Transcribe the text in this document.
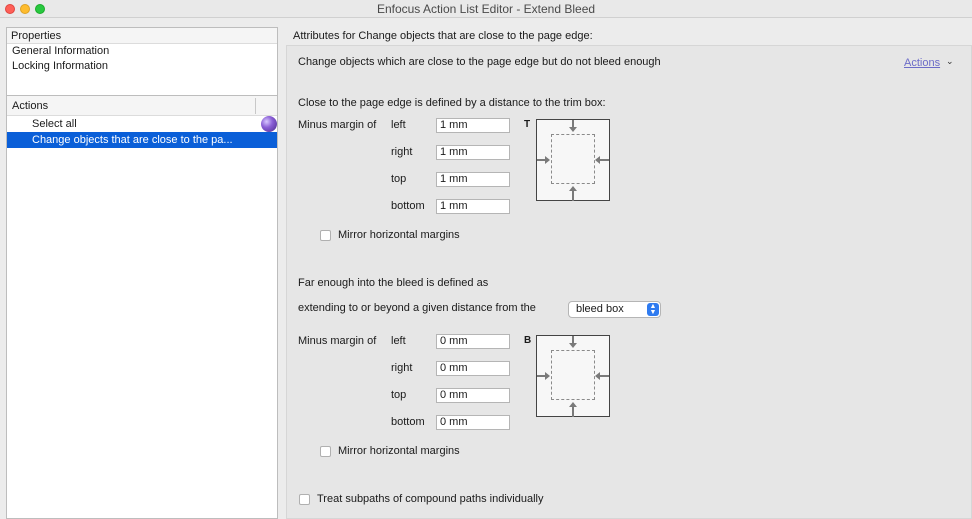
Enfocus Action List Editor - Extend Bleed
Properties
General Information
Locking Information
Actions
Select all
Change objects that are close to the pa...
Attributes for Change objects that are close to the page edge:
Change objects which are close to the page edge but do not bleed enough	Actions ⌄
Close to the page edge is defined by a distance to the trim box:
Minus margin of left	1 mm
right	1 mm
top	1 mm
bottom	1 mm
T
Mirror horizontal margins
Far enough into the bleed is defined as
extending to or beyond a given distance from the	bleed box	▲
▼
Minus margin of left	0 mm
right	0 mm
top	0 mm
bottom	0 mm
B
Mirror horizontal margins
Treat subpaths of compound paths individually
